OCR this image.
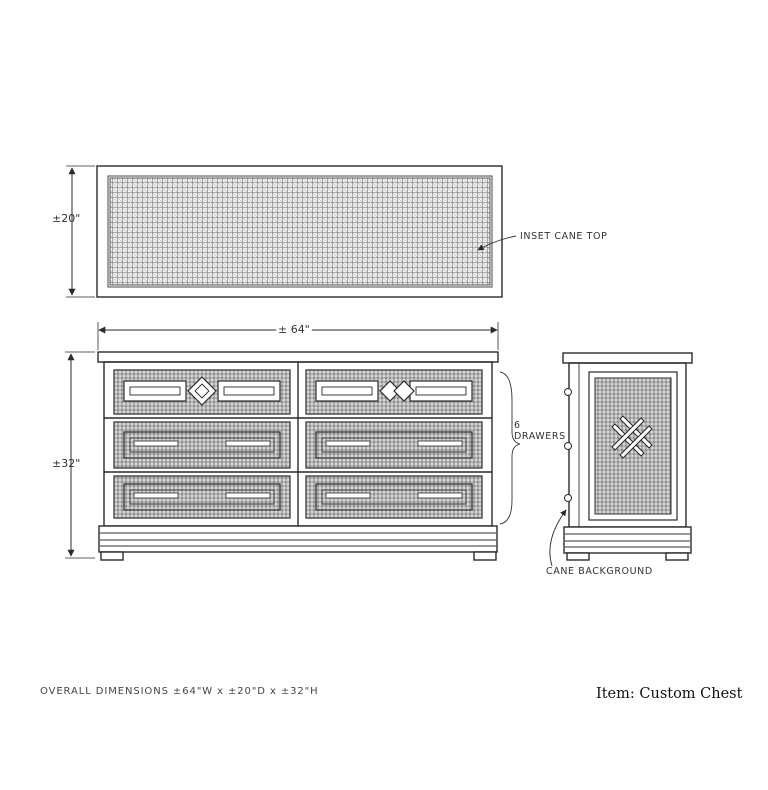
±20"
INSET CANE TOP
± 64"
±32"
6 DRAWERS
CANE BACKGROUND
OVERALL DIMENSIONS ±64"W x ±20"D x ±32"H	Item: Custom Chest
